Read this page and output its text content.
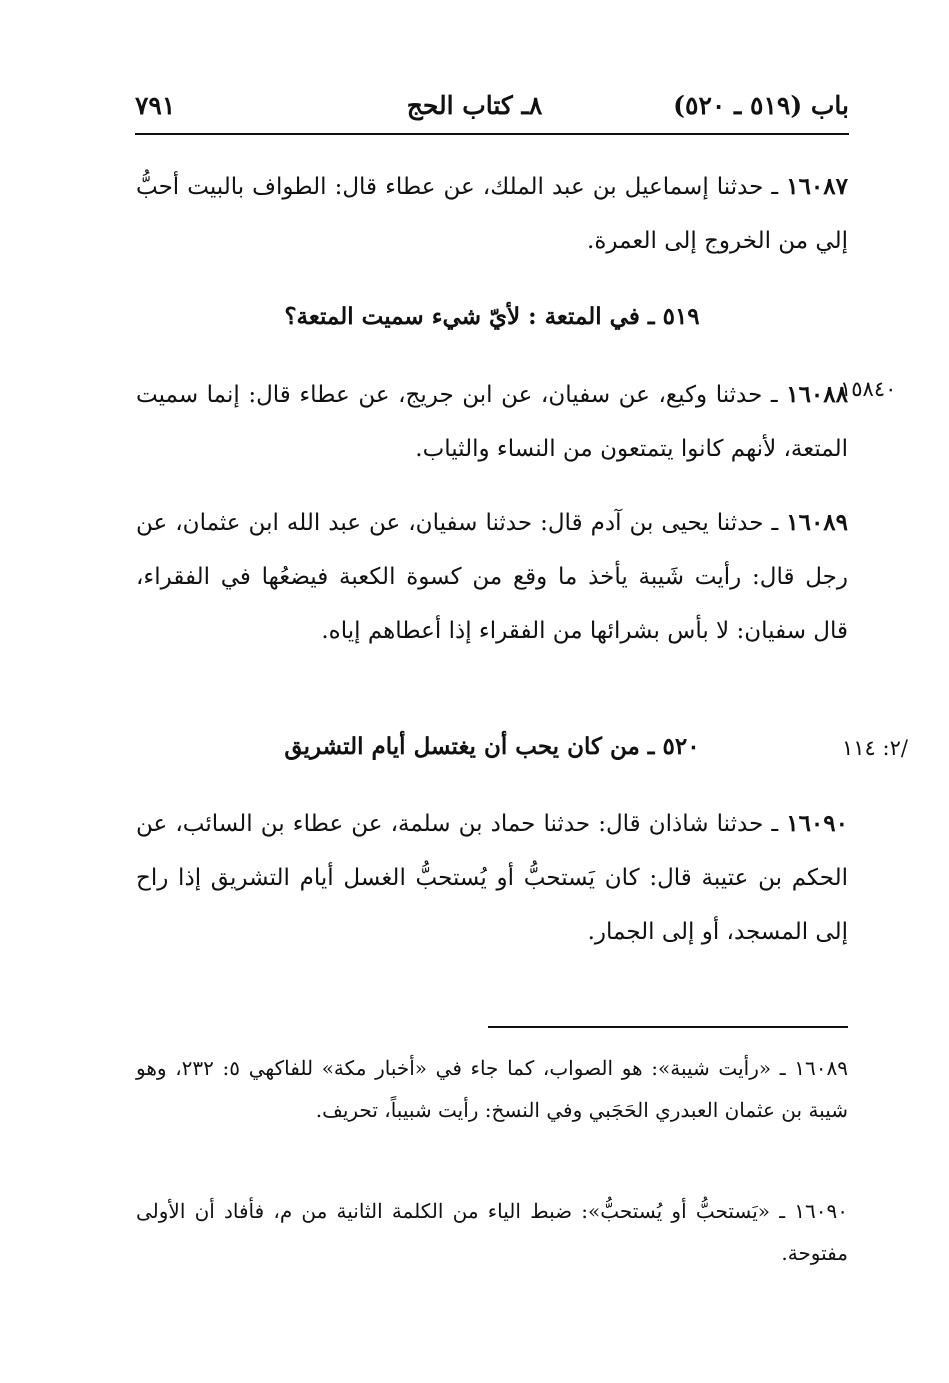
باب (٥١٩ ـ ٥٢٠)
٨ـ كتاب الحج
٧٩١
١٦٠٨٧ ـ حدثنا إسماعيل بن عبد الملك، عن عطاء قال: الطواف بالبيت أحبُّ إلي من الخروج إلى العمرة.
٥١٩ ـ في المتعة : لأيّ شيء سميت المتعة؟
١٥٨٤٠
١٦٠٨٨ ـ حدثنا وكيع، عن سفيان، عن ابن جريج، عن عطاء قال: إنما سميت المتعة، لأنهم كانوا يتمتعون من النساء والثياب.
١٦٠٨٩ ـ حدثنا يحيى بن آدم قال: حدثنا سفيان، عن عبد الله ابن عثمان، عن رجل قال: رأيت شَيبة يأخذ ما وقع من كسوة الكعبة فيضعُها في الفقراء، قال سفيان: لا بأس بشرائها من الفقراء إذا أعطاهم إياه.
/٢: ١١٤
٥٢٠ ـ من كان يحب أن يغتسل أيام التشريق
١٦٠٩٠ ـ حدثنا شاذان قال: حدثنا حماد بن سلمة، عن عطاء بن السائب، عن الحكم بن عتيبة قال: كان يَستحبُّ أو يُستحبُّ الغسل أيام التشريق إذا راح إلى المسجد، أو إلى الجمار.
١٦٠٨٩ ـ «رأيت شيبة»: هو الصواب، كما جاء في «أخبار مكة» للفاكهي ٥: ٢٣٢، وهو شيبة بن عثمان العبدري الحَجَبي وفي النسخ: رأيت شبيباً، تحريف.
١٦٠٩٠ ـ «يَستحبُّ أو يُستحبُّ»: ضبط الياء من الكلمة الثانية من م، فأفاد أن الأولى مفتوحة.
